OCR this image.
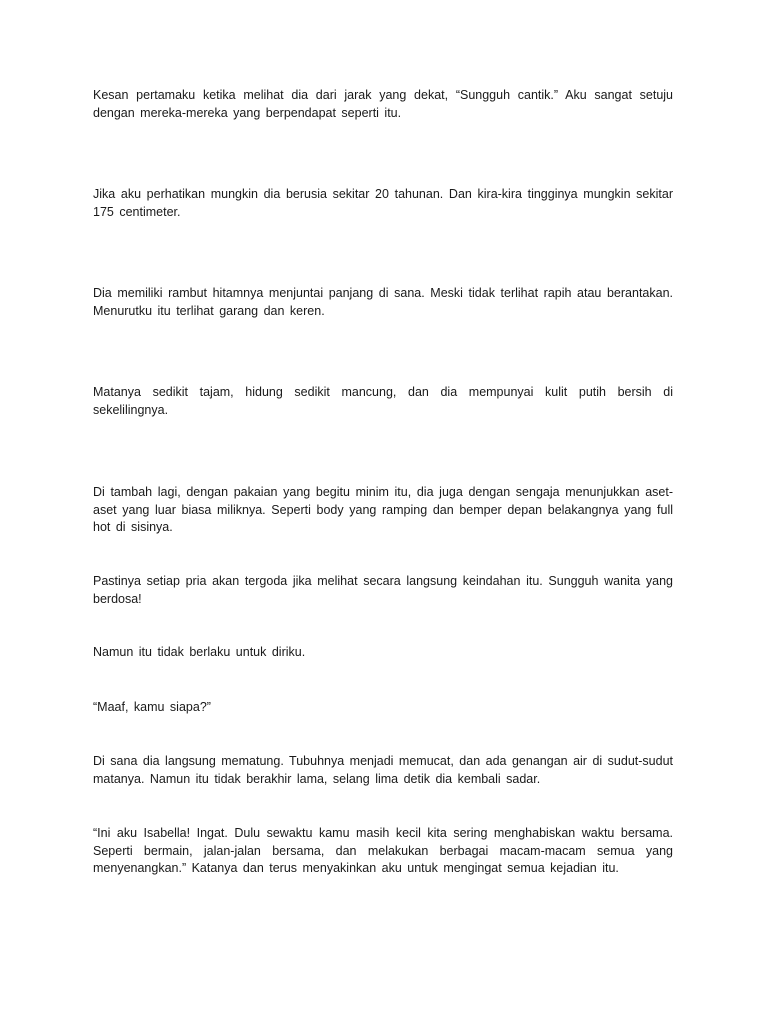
Kesan pertamaku ketika melihat dia dari jarak yang dekat, “Sungguh cantik.” Aku sangat setuju dengan mereka-mereka yang berpendapat seperti itu.

Jika aku perhatikan mungkin dia berusia sekitar 20 tahunan. Dan kira-kira tingginya mungkin sekitar 175 centimeter.

Dia memiliki rambut hitamnya menjuntai panjang di sana. Meski tidak terlihat rapih atau berantakan. Menurutku itu terlihat garang dan keren.

Matanya sedikit tajam, hidung sedikit mancung, dan dia mempunyai kulit putih bersih di sekelilingnya.

Di tambah lagi, dengan pakaian yang begitu minim itu, dia juga dengan sengaja menunjukkan aset-aset yang luar biasa miliknya. Seperti body yang ramping dan bemper depan belakangnya yang full hot di sisinya.

Pastinya setiap pria akan tergoda jika melihat secara langsung keindahan itu. Sungguh wanita yang berdosa!

Namun itu tidak berlaku untuk diriku.

“Maaf, kamu siapa?”

Di sana dia langsung mematung. Tubuhnya menjadi memucat, dan ada genangan air di sudut-sudut matanya. Namun itu tidak berakhir lama, selang lima detik dia kembali sadar.

“Ini aku Isabella! Ingat. Dulu sewaktu kamu masih kecil kita sering menghabiskan waktu bersama. Seperti bermain, jalan-jalan bersama, dan melakukan berbagai macam-macam semua yang menyenangkan.” Katanya dan terus menyakinkan aku untuk mengingat semua kejadian itu.
